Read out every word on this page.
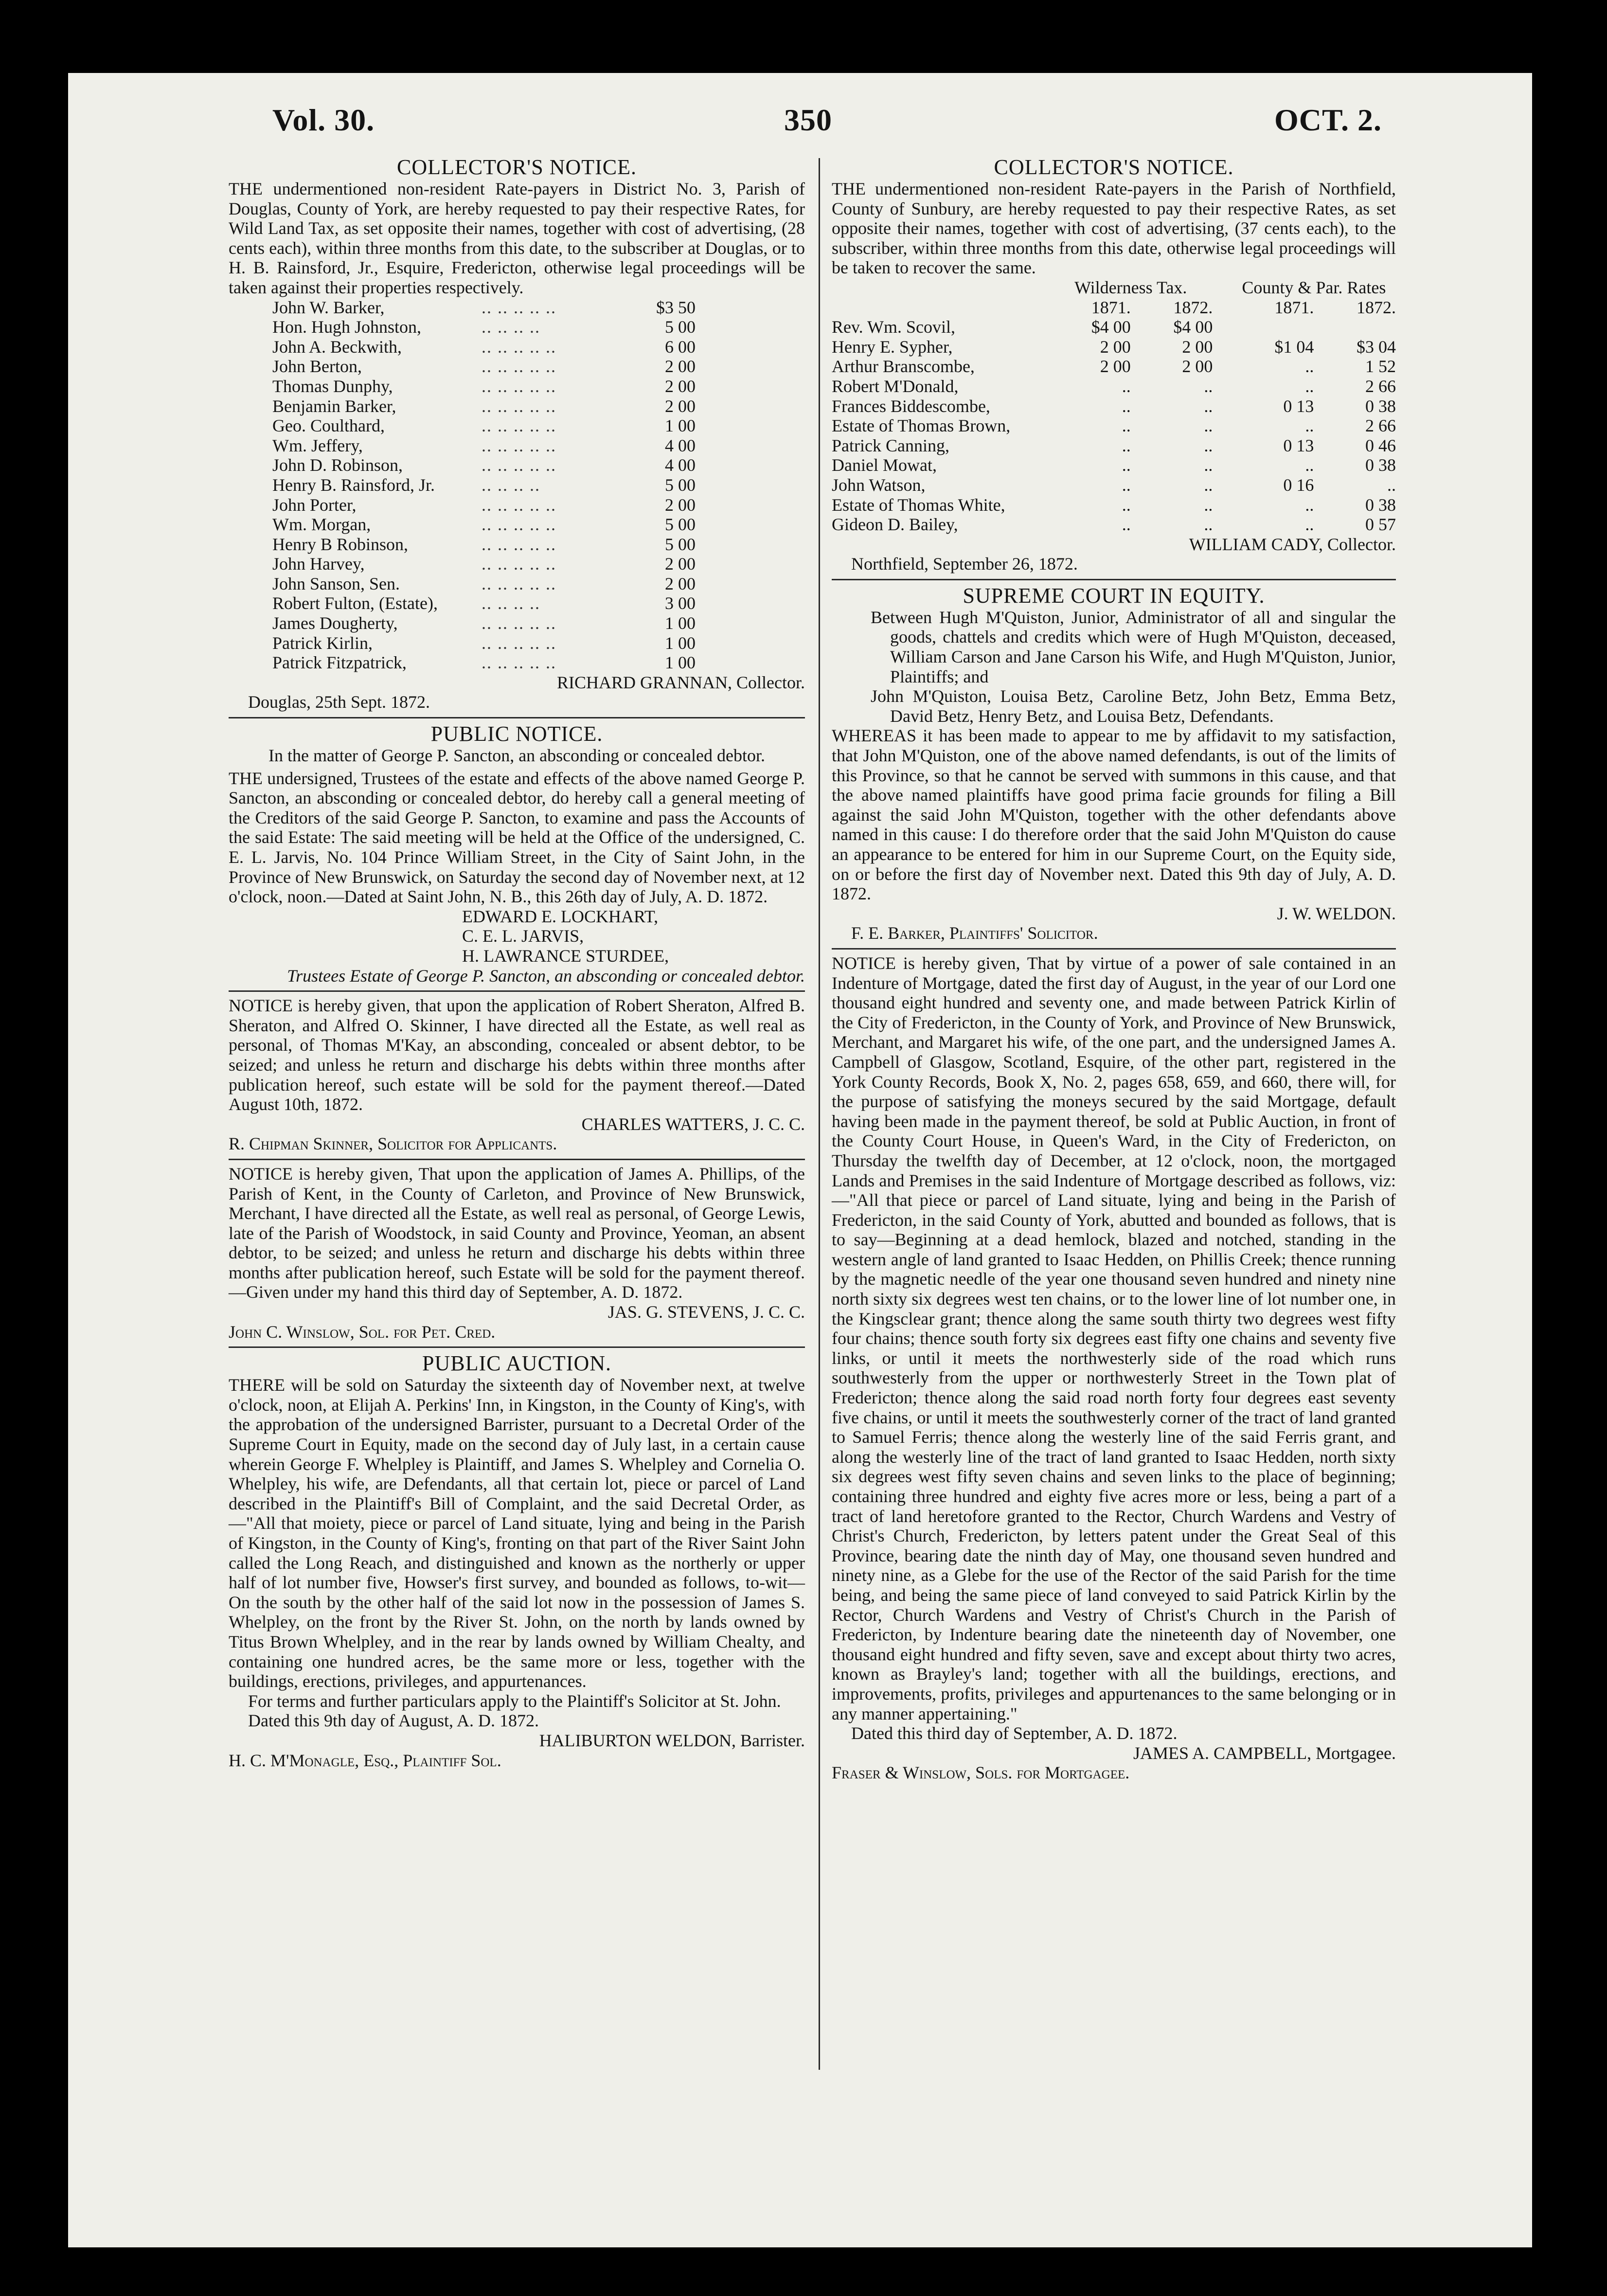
Vol. 30.	350	OCT. 2.
COLLECTOR'S NOTICE.

THE undermentioned non-resident Rate-payers in District No. 3, Parish of Douglas, County of York, are hereby requested to pay their respective Rates, for Wild Land Tax, as set opposite their names, together with cost of advertising, (28 cents each), within three months from this date, to the subscriber at Douglas, or to H. B. Rainsford, Jr., Esquire, Fredericton, otherwise legal proceedings will be taken against their properties respectively.

John W. Barker,	.. .. .. .. ..	$3 50
Hon. Hugh Johnston,	.. .. .. ..	5 00
John A. Beckwith,	.. .. .. .. ..	6 00
John Berton,	.. .. .. .. ..	2 00
Thomas Dunphy,	.. .. .. .. ..	2 00
Benjamin Barker,	.. .. .. .. ..	2 00
Geo. Coulthard,	.. .. .. .. ..	1 00
Wm. Jeffery,	.. .. .. .. ..	4 00
John D. Robinson,	.. .. .. .. ..	4 00
Henry B. Rainsford, Jr.	.. .. .. ..	5 00
John Porter,	.. .. .. .. ..	2 00
Wm. Morgan,	.. .. .. .. ..	5 00
Henry B Robinson,	.. .. .. .. ..	5 00
John Harvey,	.. .. .. .. ..	2 00
John Sanson, Sen.	.. .. .. .. ..	2 00
Robert Fulton, (Estate),	.. .. .. ..	3 00
James Dougherty,	.. .. .. .. ..	1 00
Patrick Kirlin,	.. .. .. .. ..	1 00
Patrick Fitzpatrick,	.. .. .. .. ..	1 00
RICHARD GRANNAN, Collector.
Douglas, 25th Sept. 1872.
PUBLIC NOTICE.
In the matter of George P. Sancton, an absconding or concealed debtor.

THE undersigned, Trustees of the estate and effects of the above named George P. Sancton, an absconding or concealed debtor, do hereby call a general meeting of the Creditors of the said George P. Sancton, to examine and pass the Accounts of the said Estate: The said meeting will be held at the Office of the undersigned, C. E. L. Jarvis, No. 104 Prince William Street, in the City of Saint John, in the Province of New Brunswick, on Saturday the second day of November next, at 12 o'clock, noon.—Dated at Saint John, N. B., this 26th day of July, A. D. 1872.

EDWARD E. LOCKHART,
C. E. L. JARVIS,
H. LAWRANCE STURDEE,
Trustees Estate of George P. Sancton, an absconding or concealed debtor.

NOTICE is hereby given, that upon the application of Robert Sheraton, Alfred B. Sheraton, and Alfred O. Skinner, I have directed all the Estate, as well real as personal, of Thomas M'Kay, an absconding, concealed or absent debtor, to be seized; and unless he return and discharge his debts within three months after publication hereof, such estate will be sold for the payment thereof.—Dated August 10th, 1872.

CHARLES WATTERS, J. C. C.
R. Chipman Skinner, Solicitor for Applicants.

NOTICE is hereby given, That upon the application of James A. Phillips, of the Parish of Kent, in the County of Carleton, and Province of New Brunswick, Merchant, I have directed all the Estate, as well real as personal, of George Lewis, late of the Parish of Woodstock, in said County and Province, Yeoman, an absent debtor, to be seized; and unless he return and discharge his debts within three months after publication hereof, such Estate will be sold for the payment thereof.—Given under my hand this third day of September, A. D. 1872.

JAS. G. STEVENS, J. C. C.
John C. Winslow, Sol. for Pet. Cred.
PUBLIC AUCTION.

THERE will be sold on Saturday the sixteenth day of November next, at twelve o'clock, noon, at Elijah A. Perkins' Inn, in Kingston, in the County of King's, with the approbation of the undersigned Barrister, pursuant to a Decretal Order of the Supreme Court in Equity, made on the second day of July last, in a certain cause wherein George F. Whelpley is Plaintiff, and James S. Whelpley and Cornelia O. Whelpley, his wife, are Defendants, all that certain lot, piece or parcel of Land described in the Plaintiff's Bill of Complaint, and the said Decretal Order, as—"All that moiety, piece or parcel of Land situate, lying and being in the Parish of Kingston, in the County of King's, fronting on that part of the River Saint John called the Long Reach, and distinguished and known as the northerly or upper half of lot number five, Howser's first survey, and bounded as follows, to-wit—On the south by the other half of the said lot now in the possession of James S. Whelpley, on the front by the River St. John, on the north by lands owned by Titus Brown Whelpley, and in the rear by lands owned by William Chealty, and containing one hundred acres, be the same more or less, together with the buildings, erections, privileges, and appurtenances.

For terms and further particulars apply to the Plaintiff's Solicitor at St. John.

Dated this 9th day of August, A. D. 1872.
HALIBURTON WELDON, Barrister.
H. C. M'Monagle, Esq., Plaintiff Sol.
COLLECTOR'S NOTICE.

THE undermentioned non-resident Rate-payers in the Parish of Northfield, County of Sunbury, are hereby requested to pay their respective Rates, as set opposite their names, together with cost of advertising, (37 cents each), to the subscriber, within three months from this date, otherwise legal proceedings will be taken to recover the same.

	Wilderness Tax.			County & Par. Rates	
	1871.	1872.		1871.	1872.
Rev. Wm. Scovil,	$4 00	$4 00			
Henry E. Sypher,	2 00	2 00		$1 04	$3 04
Arthur Branscombe,	2 00	2 00		..	1 52
Robert M'Donald,	..	..		..	2 66
Frances Biddescombe,	..	..		0 13	0 38
Estate of Thomas Brown,	..	..		..	2 66
Patrick Canning,	..	..		0 13	0 46
Daniel Mowat,	..	..		..	0 38
John Watson,	..	..		0 16	..
Estate of Thomas White,	..	..		..	0 38
Gideon D. Bailey,	..	..		..	0 57
WILLIAM CADY, Collector.
Northfield, September 26, 1872.
SUPREME COURT IN EQUITY.

Between Hugh M'Quiston, Junior, Administrator of all and singular the goods, chattels and credits which were of Hugh M'Quiston, deceased, William Carson and Jane Carson his Wife, and Hugh M'Quiston, Junior, Plaintiffs; and

John M'Quiston, Louisa Betz, Caroline Betz, John Betz, Emma Betz, David Betz, Henry Betz, and Louisa Betz, Defendants.

WHEREAS it has been made to appear to me by affidavit to my satisfaction, that John M'Quiston, one of the above named defendants, is out of the limits of this Province, so that he cannot be served with summons in this cause, and that the above named plaintiffs have good prima facie grounds for filing a Bill against the said John M'Quiston, together with the other defendants above named in this cause: I do therefore order that the said John M'Quiston do cause an appearance to be entered for him in our Supreme Court, on the Equity side, on or before the first day of November next. Dated this 9th day of July, A. D. 1872.

J. W. WELDON.
F. E. Barker, Plaintiffs' Solicitor.

NOTICE is hereby given, That by virtue of a power of sale contained in an Indenture of Mortgage, dated the first day of August, in the year of our Lord one thousand eight hundred and seventy one, and made between Patrick Kirlin of the City of Fredericton, in the County of York, and Province of New Brunswick, Merchant, and Margaret his wife, of the one part, and the undersigned James A. Campbell of Glasgow, Scotland, Esquire, of the other part, registered in the York County Records, Book X, No. 2, pages 658, 659, and 660, there will, for the purpose of satisfying the moneys secured by the said Mortgage, default having been made in the payment thereof, be sold at Public Auction, in front of the County Court House, in Queen's Ward, in the City of Fredericton, on Thursday the twelfth day of December, at 12 o'clock, noon, the mortgaged Lands and Premises in the said Indenture of Mortgage described as follows, viz:—"All that piece or parcel of Land situate, lying and being in the Parish of Fredericton, in the said County of York, abutted and bounded as follows, that is to say—Beginning at a dead hemlock, blazed and notched, standing in the western angle of land granted to Isaac Hedden, on Phillis Creek; thence running by the magnetic needle of the year one thousand seven hundred and ninety nine north sixty six degrees west ten chains, or to the lower line of lot number one, in the Kingsclear grant; thence along the same south thirty two degrees west fifty four chains; thence south forty six degrees east fifty one chains and seventy five links, or until it meets the northwesterly side of the road which runs southwesterly from the upper or northwesterly Street in the Town plat of Fredericton; thence along the said road north forty four degrees east seventy five chains, or until it meets the southwesterly corner of the tract of land granted to Samuel Ferris; thence along the westerly line of the said Ferris grant, and along the westerly line of the tract of land granted to Isaac Hedden, north sixty six degrees west fifty seven chains and seven links to the place of beginning; containing three hundred and eighty five acres more or less, being a part of a tract of land heretofore granted to the Rector, Church Wardens and Vestry of Christ's Church, Fredericton, by letters patent under the Great Seal of this Province, bearing date the ninth day of May, one thousand seven hundred and ninety nine, as a Glebe for the use of the Rector of the said Parish for the time being, and being the same piece of land conveyed to said Patrick Kirlin by the Rector, Church Wardens and Vestry of Christ's Church in the Parish of Fredericton, by Indenture bearing date the nineteenth day of November, one thousand eight hundred and fifty seven, save and except about thirty two acres, known as Brayley's land; together with all the buildings, erections, and improvements, profits, privileges and appurtenances to the same belonging or in any manner appertaining."

Dated this third day of September, A. D. 1872.
JAMES A. CAMPBELL, Mortgagee.
Fraser & Winslow, Sols. for Mortgagee.
